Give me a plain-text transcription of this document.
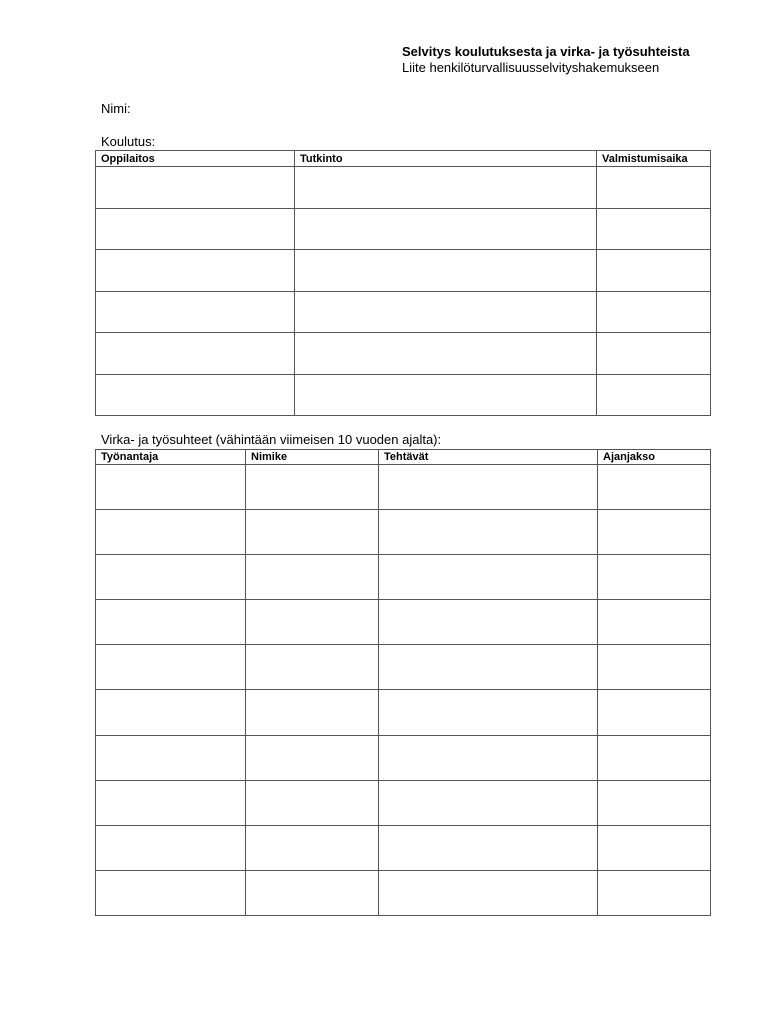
Selvitys koulutuksesta ja virka- ja työsuhteista
Liite henkilöturvallisuusselvityshakemukseen
Nimi:
Koulutus:
Oppilaitos	Tutkinto	Valmistumisaika

Virka- ja työsuhteet (vähintään viimeisen 10 vuoden ajalta):
Työnantaja	Nimike	Tehtävät	Ajanjakso
